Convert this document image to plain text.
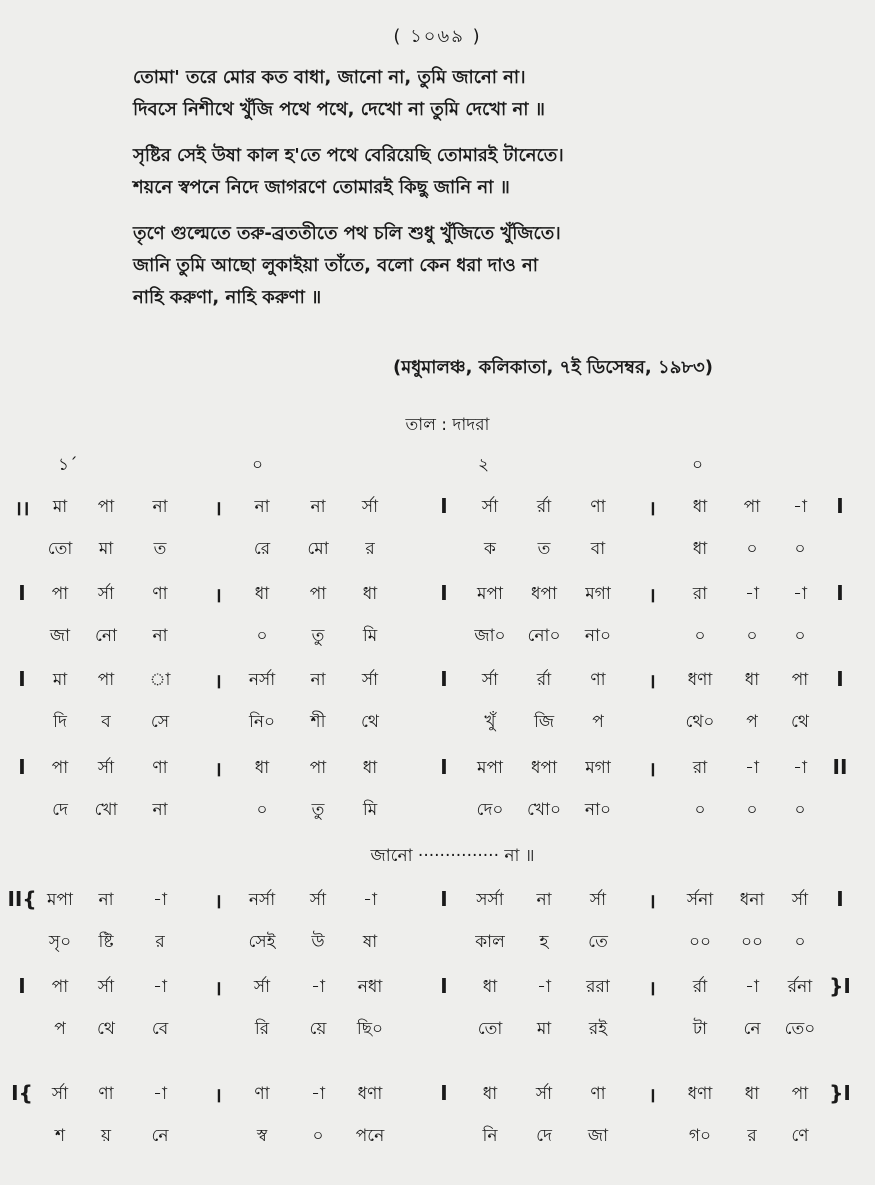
( ১০৬৯ )
তোমা' তরে মোর কত বাধা, জানো না, তুমি জানো না।
দিবসে নিশীথে খুঁজি পথে পথে, দেখো না তুমি দেখো না ॥
সৃষ্টির সেই উষা কাল হ'তে পথে বেরিয়েছি তোমারই টানেতে।
শয়নে স্বপনে নিদে জাগরণে তোমারই কিছু জানি না ॥
তৃণে গুল্মেতে তরু-ব্রততীতে পথ চলি শুধু খুঁজিতে খুঁজিতে।
জানি তুমি আছো লুকাইয়া তাঁতে, বলো কেন ধরা দাও না
নাহি করুণা, নাহি করুণা ॥
(মধুমালঞ্চ, কলিকাতা, ৭ই ডিসেম্বর, ১৯৮৩)
তাল : দাদরা
১´	০	২	০
।। মা পা না । না না র্সা	I র্সা র্রা ণা । ধা পা -া I
তো মা ত	রে মো র	ক ত বা	ধা ০ ০
I পা র্সা ণা । ধা পা ধা	I মপা ধপা মগা । রা -া -া I
জা নো না	০	তু মি	জা০ নো০ না০	০ ০ ০
I মা পা া । নর্সা না র্সা	I র্সা র্রা ণা । ধণা ধা পা I
দি ব সে	নি০ শী থে	খুঁ জি প	থে০ প থে
I পা র্সা ণা । ধা পা ধা	I মপা ধপা মগা । রা -া -া II
দে খো না	০	তু মি	দে০ খো০ না০	০ ০ ০
II{ মপা না -া । নর্সা র্সা -া	I সর্সা না র্সা । র্সনা ধনা র্সা I
সৃ০ ষ্টি র	সেই উ ষা	কাল হ তে	০০ ০০ ০
I পা র্সা -া । র্সা -া নধা	I ধা -া ররা । র্রা -া র্রনা }I
প থে বে	রি য়ে ছি০	তো মা রই	টা নে তে০
I{ র্সা ণা -া । ণা -া ধণা	I ধা র্সা ণা । ধণা ধা পা }I
শ য় নে	স্ব	০ পনে	নি দে জা	গ০ র ণে
জানো ··············· না ॥
